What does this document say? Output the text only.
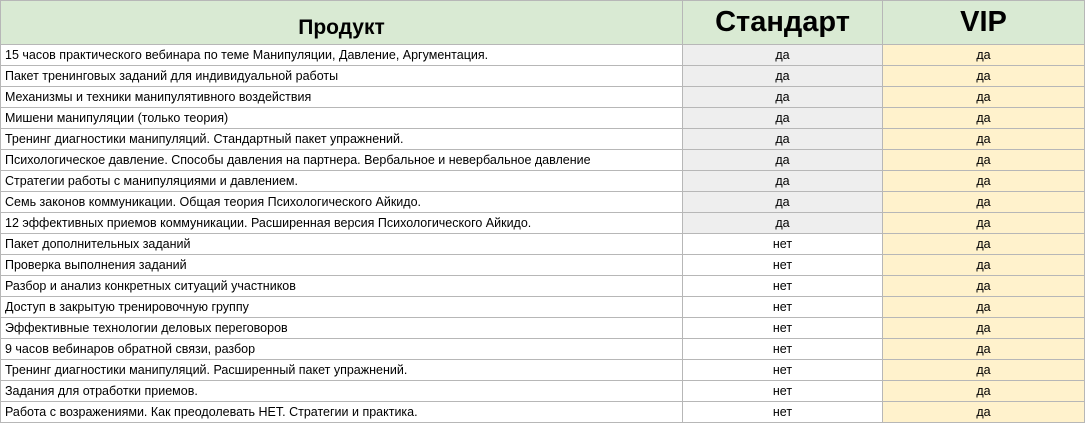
Продукт	Стандарт	VIP
15 часов практического вебинара по теме Манипуляции, Давление, Аргументация.	да	да
Пакет тренинговых заданий для индивидуальной работы	да	да
Механизмы и техники манипулятивного воздействия	да	да
Мишени манипуляции (только теория)	да	да
Тренинг диагностики манипуляций. Стандартный пакет упражнений.	да	да
Психологическое давление. Способы давления на партнера. Вербальное и невербальное давление	да	да
Стратегии работы с манипуляциями и давлением.	да	да
Семь законов коммуникации. Общая теория Психологического Айкидо.	да	да
12 эффективных приемов коммуникации. Расширенная версия Психологического Айкидо.	да	да
Пакет дополнительных заданий	нет	да
Проверка выполнения заданий	нет	да
Разбор и анализ конкретных ситуаций участников	нет	да
Доступ в закрытую тренировочную группу	нет	да
Эффективные технологии деловых переговоров	нет	да
9 часов вебинаров обратной связи, разбор	нет	да
Тренинг диагностики манипуляций. Расширенный пакет упражнений.	нет	да
Задания для отработки приемов.	нет	да
Работа с возражениями. Как преодолевать НЕТ. Стратегии и практика.	нет	да
